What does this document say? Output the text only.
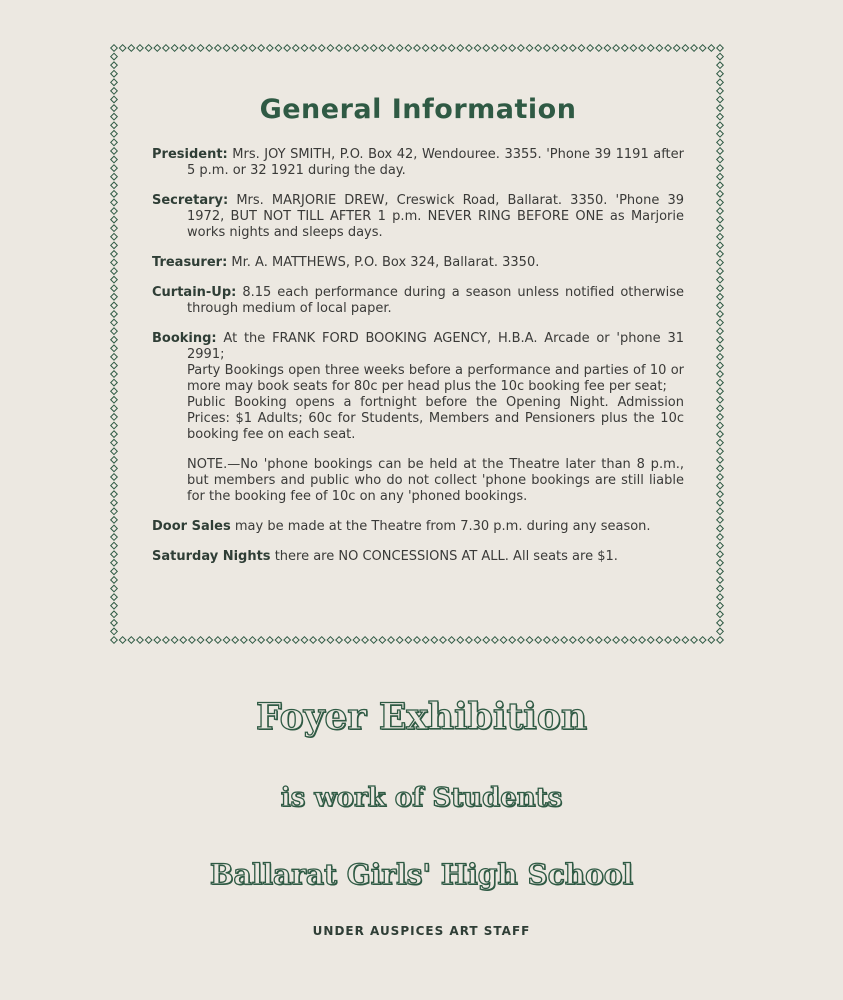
General Information
President: Mrs. JOY SMITH, P.O. Box 42, Wendouree. 3355. 'Phone 39 1191 after 5 p.m. or 32 1921 during the day.
Secretary: Mrs. MARJORIE DREW, Creswick Road, Ballarat. 3350. 'Phone 39 1972, BUT NOT TILL AFTER 1 p.m. NEVER RING BEFORE ONE as Marjorie works nights and sleeps days.
Treasurer: Mr. A. MATTHEWS, P.O. Box 324, Ballarat. 3350.
Curtain-Up: 8.15 each performance during a season unless notified otherwise through medium of local paper.
Booking: At the FRANK FORD BOOKING AGENCY, H.B.A. Arcade or 'phone 31 2991;

Party Bookings open three weeks before a performance and parties of 10 or more may book seats for 80c per head plus the 10c booking fee per seat;

Public Booking opens a fortnight before the Opening Night. Admission Prices: $1 Adults; 60c for Students, Members and Pensioners plus the 10c booking fee on each seat.

NOTE.—No 'phone bookings can be held at the Theatre later than 8 p.m., but members and public who do not collect 'phone bookings are still liable for the booking fee of 10c on any 'phoned bookings.
Door Sales may be made at the Theatre from 7.30 p.m. during any season.
Saturday Nights there are NO CONCESSIONS AT ALL. All seats are $1.
Foyer Exhibition
is work of Students
Ballarat Girls' High School
UNDER AUSPICES ART STAFF
